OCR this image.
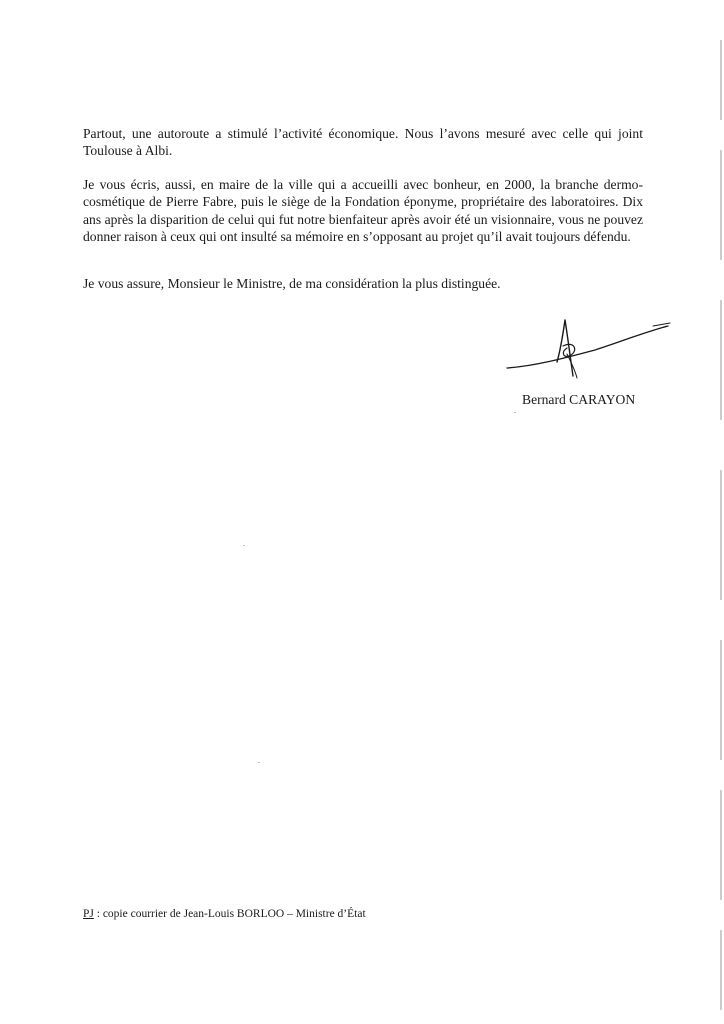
Partout, une autoroute a stimulé l’activité économique. Nous l’avons mesuré avec celle qui joint Toulouse à Albi.

Je vous écris, aussi, en maire de la ville qui a accueilli avec bonheur, en 2000, la branche dermo-cosmétique de Pierre Fabre, puis le siège de la Fondation éponyme, propriétaire des laboratoires. Dix ans après la disparition de celui qui fut notre bienfaiteur après avoir été un visionnaire, vous ne pouvez donner raison à ceux qui ont insulté sa mémoire en s’opposant au projet qu’il avait toujours défendu.

Je vous assure, Monsieur le Ministre, de ma considération la plus distinguée.

Bernard CARAYON
PJ : copie courrier de Jean-Louis BORLOO – Ministre d’État
